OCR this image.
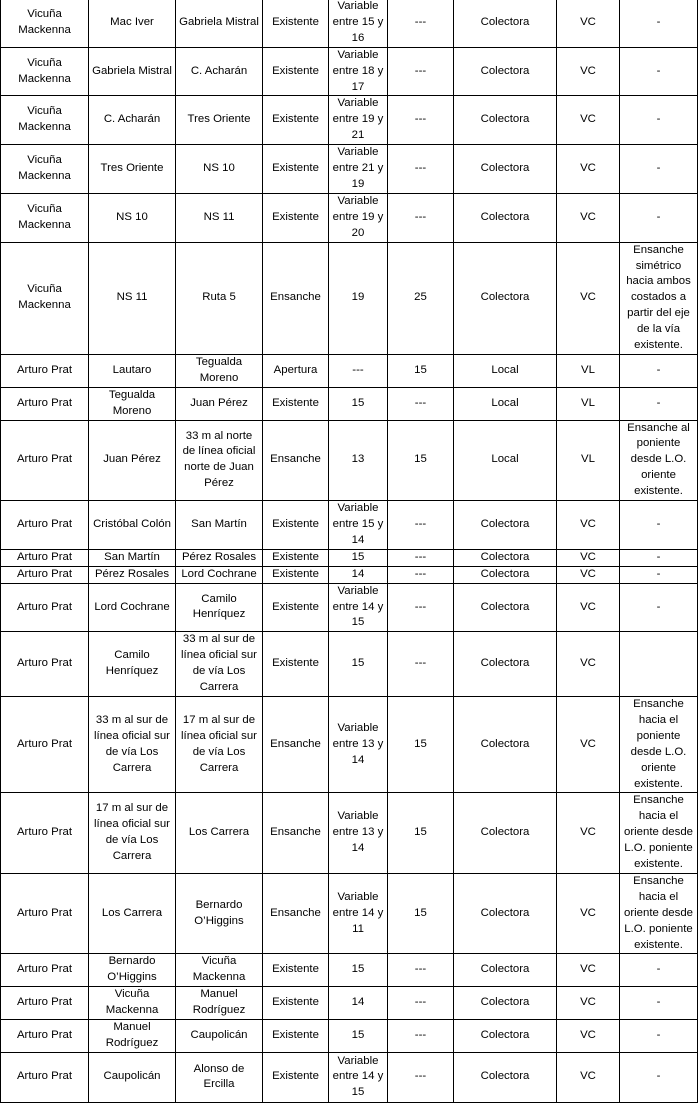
Vicuña Mackenna	Mac Iver	Gabriela Mistral	Existente	Variable entre 15 y 16	---	Colectora	VC	-
Vicuña Mackenna	Gabriela Mistral	C. Acharán	Existente	Variable entre 18 y 17	---	Colectora	VC	-
Vicuña Mackenna	C. Acharán	Tres Oriente	Existente	Variable entre 19 y 21	---	Colectora	VC	-
Vicuña Mackenna	Tres Oriente	NS 10	Existente	Variable entre 21 y 19	---	Colectora	VC	-
Vicuña Mackenna	NS 10	NS 11	Existente	Variable entre 19 y 20	---	Colectora	VC	-
Vicuña Mackenna	NS 11	Ruta 5	Ensanche	19	25	Colectora	VC	Ensanche simétrico hacia ambos costados a partir del eje de la vía existente.
Arturo Prat	Lautaro	Tegualda Moreno	Apertura	---	15	Local	VL	-
Arturo Prat	Tegualda Moreno	Juan Pérez	Existente	15	---	Local	VL	-
Arturo Prat	Juan Pérez	33 m al norte de línea oficial norte de Juan Pérez	Ensanche	13	15	Local	VL	Ensanche al poniente desde L.O. oriente existente.
Arturo Prat	Cristóbal Colón	San Martín	Existente	Variable entre 15 y 14	---	Colectora	VC	-
Arturo Prat	San Martín	Pérez Rosales	Existente	15	---	Colectora	VC	-
Arturo Prat	Pérez Rosales	Lord Cochrane	Existente	14	---	Colectora	VC	-
Arturo Prat	Lord Cochrane	Camilo Henríquez	Existente	Variable entre 14 y 15	---	Colectora	VC	-
Arturo Prat	Camilo Henríquez	33 m al sur de línea oficial sur de vía Los Carrera	Existente	15	---	Colectora	VC	
Arturo Prat	33 m al sur de línea oficial sur de vía Los Carrera	17 m al sur de línea oficial sur de vía Los Carrera	Ensanche	Variable entre 13 y 14	15	Colectora	VC	Ensanche hacia el poniente desde L.O. oriente existente.
Arturo Prat	17 m al sur de línea oficial sur de vía Los Carrera	Los Carrera	Ensanche	Variable entre 13 y 14	15	Colectora	VC	Ensanche hacia el oriente desde L.O. poniente existente.
Arturo Prat	Los Carrera	Bernardo O’Higgins	Ensanche	Variable entre 14 y 11	15	Colectora	VC	Ensanche hacia el oriente desde L.O. poniente existente.
Arturo Prat	Bernardo O’Higgins	Vicuña Mackenna	Existente	15	---	Colectora	VC	-
Arturo Prat	Vicuña Mackenna	Manuel Rodríguez	Existente	14	---	Colectora	VC	-
Arturo Prat	Manuel Rodríguez	Caupolicán	Existente	15	---	Colectora	VC	-
Arturo Prat	Caupolicán	Alonso de Ercilla	Existente	Variable entre 14 y 15	---	Colectora	VC	-
